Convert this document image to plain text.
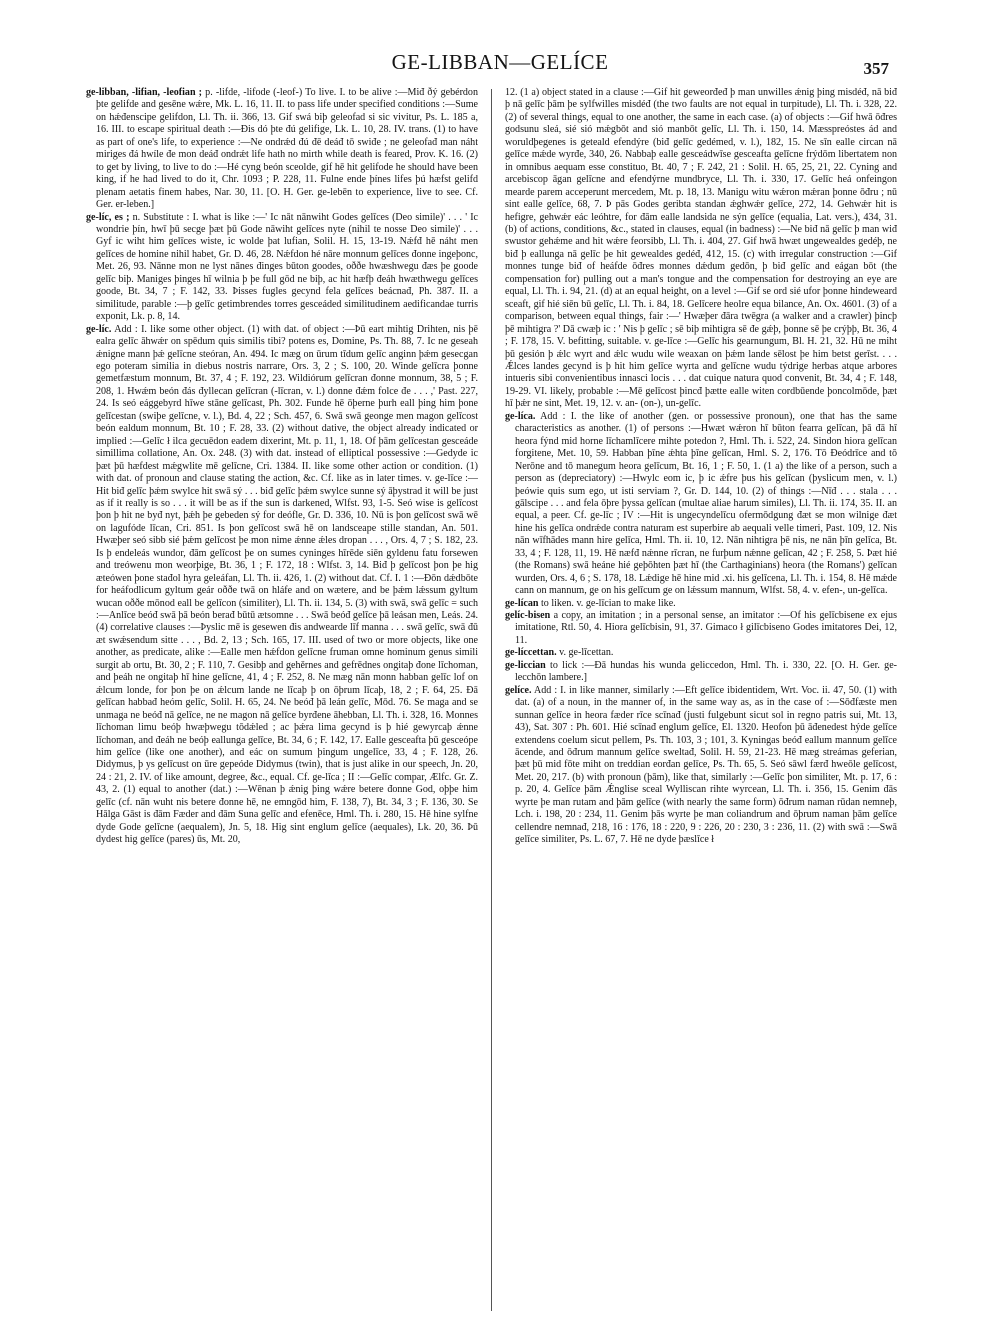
GE-LIBBAN—GELÍCE	357

ge-libban, -lifian, -leofian ; p. -lifde, -lifode (-leof-) To live. I. to be alive :—Miđ ðý gebérdon þte gelifde and gesēne wǽre, Mk. L. 16, 11. II. to pass life under specified conditions :—Sume on hǽđenscipe gelifdon, Ll. Th. ii. 366, 13. Gif swá biþ geleofad si sic vivitur, Ps. L. 185 a, 16. III. to escape spiritual death :—Đis dó þte đú gelifige, Lk. L. 10, 28. IV. trans. (1) to have as part of one's life, to experience :—Ne ondrǽd đú đē deáđ tō swiđe ; ne geleofađ man náht miriges đá hwíle đe mon deáđ ondrǽt life hath no mirth while death is feared, Prov. K. 16. (2) to get by living, to live to do :—Hé cyng beón sceolde, gif hē hit gelifode he should have been king, if he had lived to do it, Chr. 1093 ; P. 228, 11. Fulne ende þínes lifes þú hæfst gelifd plenam aetatis finem habes, Nar. 30, 11. [O. H. Ger. ge-lebēn to experience, live to see. Cf. Ger. er-leben.]

ge-líc, es ; n. Substitute : I. what is like :—' Ic nāt nānwiht Godes gelīces (Deo simile)' . . . ' Ic wondrie þín, hwī þū secge þæt þū Gode nāwiht gelīces nyte (nihil te nosse Deo simile)' . . . Gyf ic wiht him gelīces wiste, ic wolde þat lufian, Solil. H. 15, 13-19. Nǽfđ hē náht men gelīces de homine nihil habet, Gr. D. 46, 28. Nǽfdon hé nāre monnum gelīces đonne ingeþonc, Met. 26, 93. Nānne mon ne lyst nānes đinges būton goodes, oððe hwæshwegu đæs þe goode gelīc biþ. Maniges þinges hī wilnia þ þe full gōd ne biþ, ac hit hæfþ đeáh hwæthwegu gelīces goode, Bt. 34, 7 ; F. 142, 33. Þisses fugles gecynd fela gelīces beácnađ, Ph. 387. II. a similitude, parable :—þ gelīc getimbrendes torres gesceáded similitudinem aedificandae turris exponit, Lk. p. 8, 14.

ge-líc. Add : I. like some other object. (1) with dat. of object :—Þū eart mihtig Drihten, nis þē ealra gelīc āhwǽr on spēdum quis similis tibi? potens es, Domine, Ps. Th. 88, 7. Ic ne geseah ǽnigne mann þǽ gelīcne steóran, An. 494. Ic mæg on ūrum tīdum gelīc anginn þǽm gesecgan ego poteram similia in diebus nostris narrare, Ors. 3, 2 ; S. 100, 20. Winde gelīcra þonne gemetfæstum monnum, Bt. 37, 4 ; F. 192, 23. Wildiórum gelīcran đonne monnum, 38, 5 ; F. 208, 1. Hwǽm beón đás đyllecan gelīcran (-līcran, v. l.) donne đǽm folce đe . . . ,' Past. 227, 24. Is seó eággebyrd hīwe stāne gelīcast, Ph. 302. Funde hē ōþerne þurh eall þing him þone gelīcestan (swiþe gelīcne, v. l.), Bd. 4, 22 ; Sch. 457, 6. Swā swā geonge men magon gelīcost beón ealdum monnum, Bt. 10 ; F. 28, 33. (2) without dative, the object already indicated or implied :—Gelīc ł ilca gecuēdon eadem dixerint, Mt. p. 11, 1, 18. Of þām gelīcestan gesceáde simillima collatione, An. Ox. 248. (3) with dat. instead of elliptical possessive :—Gedyde ic þæt þū hæfdest mǽgwlite mē gelīcne, Cri. 1384. II. like some other action or condition. (1) with dat. of pronoun and clause stating the action, &c. Cf. like as in later times. v. ge-līce :—Hit biđ gelīc þǽm swylce hit swā sý . . . biđ gelīc þǽm swylce sunne sý āþystrad it will be just as if it really is so . . . it will be as if the sun is darkened, Wlfst. 93, 1-5. Seó wise is gelīcost þon þ hit ne byđ nyt, þǽh þe gebeden sý for deófle, Gr. D. 336, 10. Nū is þon gelīcost swā wē on lagufóde līcan, Cri. 851. Is þon gelīcost swā hē on landsceape stille standan, An. 501. Hwæþer seó sibb sié þǽm gelīcost þe mon nime ǽnne ǽles dropan . . . , Ors. 4, 7 ; S. 182, 23. Is þ endeleás wundor, đām gelīcost þe on sumes cyninges hīrēde siēn gyldenu fatu forsewen and treówenu mon weorþige, Bt. 36, 1 ; F. 172, 18 : Wlfst. 3, 14. Biđ þ gelīcost þon þe hig æteówen þone stađol hyra geleáfan, Ll. Th. ii. 426, 1. (2) without dat. Cf. I. 1 :—Đōn dǽdbōte for heáfodlicum gyltum geár oððe twā on hláfe and on wætere, and be þǽm lǽssum gyltum wucan oððe mōnod eall be gelīcon (similiter), Ll. Th. ii. 134, 5. (3) with swā, swā gelīc = such :—Anlīce beóđ swā þā beón berađ būtū ætsomne . . . Swā beóđ gelīce þā leásan men, Leás. 24. (4) correlative clauses :—Þyslic mē is gesewen đis andwearde līf manna . . . swā gelīc, swā đū æt swǽsendum sitte . . . , Bd. 2, 13 ; Sch. 165, 17. III. used of two or more objects, like one another, as predicate, alike :—Ealle men hǽfdon gelīcne fruman omne hominum genus simili surgit ab ortu, Bt. 30, 2 ; F. 110, 7. Gesibþ and gehěrnes and gefrēdnes ongitaþ đone līchoman, and þeáh ne ongitaþ hī hine gelīcne, 41, 4 ; F. 252, 8. Ne mæg nān monn habban gelīc lof on ǽlcum londe, for þon þe on ǽlcum lande ne līcaþ þ on ōþrum līcaþ, 18, 2 ; F. 64, 25. Đā gelīcan habbađ heóm gelīc, Solil. H. 65, 24. Ne beóđ þā leán gelīc, Mōd. 76. Se maga and se unmaga ne beóđ nā gelīce, ne ne magon nā gelīce byrđene āhebban, Ll. Th. i. 328, 16. Monnes līchoman limu beóþ hwæþwegu tōdǽled ; ac þǽra lima gecynd is þ hié gewyrcaþ ǽnne līchoman, and đeáh ne beóþ eallunga gelīce, Bt. 34, 6 ; F. 142, 17. Ealle gesceafta þū gesceópe him gelīce (like one another), and eác on sumum þingum ungelīce, 33, 4 ; F. 128, 26. Didymus, þ ys gelīcust on ūre gepeóde Didymus (twin), that is just alike in our speech, Jn. 20, 24 : 21, 2. IV. of like amount, degree, &c., equal. Cf. ge-līca ; II :—Gelīc compar, Ælfc. Gr. Z. 43, 2. (1) equal to another (dat.) :—Wēnan þ ǽnig þing wǽre betere đonne God, oþþe him gelīc (cf. nān wuht nis betere đonne hē, ne emngōd him, F. 138, 7), Bt. 34, 3 ; F. 136, 30. Se Hālga Gāst is đām Fæder and đām Suna gelīc and efenēce, Hml. Th. i. 280, 15. Hē hine sylfne dyde Gode gelīcne (aequalem), Jn. 5, 18. Hig sint englum gelīce (aequales), Lk. 20, 36. Þū dydest hig gelīce (pares) ūs, Mt. 20,

12. (1 a) object stated in a clause :—Gif hit geweorđeđ þ man unwilles ǽnig þing misdéđ, nā biđ þ nā gelīc þām þe sylfwilles misdéđ (the two faults are not equal in turpitude), Ll. Th. i. 328, 22. (2) of several things, equal to one another, the same in each case. (a) of objects :—Gif hwā ōđres godsunu sleá, sié sió mǽgbōt and sió manbōt gelīc, Ll. Th. i. 150, 14. Mæsspreóstes ád and woruldþegenes is geteald efendýre (biđ gelīc gedémed, v. l.), 182, 15. Ne sīn ealle circan nā gelīce mǽde wyrđe, 340, 26. Nabbaþ ealle gesceádwīse gesceafta gelīcne frýdōm libertatem non in omnibus aequam esse constituo, Bt. 40, 7 ; F. 242, 21 : Solil. H. 65, 25, 21, 22. Cyning and arcebiscop āgan gelīcne and efendýrne mundbryce, Ll. Th. i. 330, 17. Gelīc heá onfeingon mearde parem acceperunt mercedem, Mt. p. 18, 13. Manigu witu wǽron mǽran þonne ōđru ; nū sint ealle gelīce, 68, 7. Þ pās Godes geribta standan ǽghwǽr gelīce, 272, 14. Gehwǽr hit is hefigre, gehwǽr eác leóhtre, for đām ealle landsida ne sýn gelīce (equalia, Lat. vers.), 434, 31. (b) of actions, conditions, &c., stated in clauses, equal (in badness) :—Ne biđ nā gelīc þ man wiđ swustor gehǽme and hit wǽre feorsibb, Ll. Th. i. 404, 27. Gif hwā hwæt ungewealdes gedéþ, ne biđ þ eallunga nā gelīc þe hit gewealdes gedéđ, 412, 15. (c) with irregular construction :—Gif monnes tunge biđ of heáfde ōđres monnes dǽdum gedōn, þ biđ gelīc and eágan bōt (the compensation for) pulling out a man's tongue and the compensation for destroying an eye are equal, Ll. Th. i. 94, 21. (d) at an equal height, on a level :—Gif se ord sié ufor þonne hindeweard sceaft, gif hié siēn bū gelīc, Ll. Th. i. 84, 18. Gelīcere heolre equa bilance, An. Ox. 4601. (3) of a comparison, between equal things, fair :—' Hwæþer đāra twēgra (a walker and a crawler) þincþ þē mihtigra ?' Dā cwæþ ic : ' Nis þ gelīc ; sē biþ mihtigra sē đe gǽþ, þonne sē þe crýþþ, Bt. 36, 4 ; F. 178, 15. V. befitting, suitable. v. ge-līce :—Gelīc his gearnungum, Bl. H. 21, 32. Hū ne miht þū gesión þ ǽlc wyrt and ǽlc wudu wile weaxan on þǽm lande sēlost þe him betst gerīst. . . . Ǽlces landes gecynd is þ hit him gelīce wyrta and gelīcne wudu týdrige herbas atque arbores intueris sibi convenientibus innasci locis . . . dat cuique natura quod convenit, Bt. 34, 4 ; F. 148, 19-29. VI. likely, probable :—Mē gelīcost þincđ þætte ealle witen cordbūende þoncolmōde, þæt hī þǽr ne sint, Met. 19, 12. v. an- (on-), un-gelīc.

ge-líca. Add : I. the like of another (gen. or possessive pronoun), one that has the same characteristics as another. (1) of persons :—Hwæt wǽron hī būton fearra gelīcan, þā đā hī heora fýnd mid horne līchamlīcere mihte potedon ?, Hml. Th. i. 522, 24. Sindon hiora gelīcan forgitene, Met. 10, 59. Habban þīne ǽhta þīne gelīcan, Hml. S. 2, 176. Tō Đeódrīce and tō Nerōne and tō manegum heora gelīcum, Bt. 16, 1 ; F. 50, 1. (1 a) the like of a person, such a person as (depreciatory) :—Hwylc eom ic, þ ic ǽfre þus his gelīcan (þyslicum men, v. l.) þeówie quis sum ego, ut isti serviam ?, Gr. D. 144, 10. (2) of things :—Nīđ . . . stala . . . gālscipe . . . and fela ōþre þyssa gelīcan (multae aliae harum similes), Ll. Th. ii. 174, 35. II. an equal, a peer. Cf. ge-līc ; IV :—Hit is ungecyndelīcu ofermōdgung đæt se mon wilnige đæt hine his gelīca ondrǽde contra naturam est superbire ab aequali velle timeri, Past. 109, 12. Nis nān wīfhādes mann hire gelīca, Hml. Th. ii. 10, 12. Nān nihtigra þē nis, ne nān þīn gelīca, Bt. 33, 4 ; F. 128, 11, 19. Hē næfđ nǽnne rīcran, ne furþum nǽnne gelīcan, 42 ; F. 258, 5. Þæt hié (the Romans) swā heáne hié geþōhten þæt hī (the Carthaginians) heora (the Romans') gelīcan wurden, Ors. 4, 6 ; S. 178, 18. Lǽdige hē hine mid .xi. his gelīcena, Ll. Th. i. 154, 8. Hē mǽde cann on mannum, ge on his gelīcum ge on lǽssum mannum, Wlfst. 58, 4. v. efen-, un-gelīca.

ge-lícan to liken. v. ge-līcian to make like.

gelíc-bisen a copy, an imitation ; in a personal sense, an imitator :—Of his gelīcbisene ex ejus imitatione, Rtl. 50, 4. Hiora gelīcbisin, 91, 37. Gimaco ł gilīcbiseno Godes imitatores Dei, 12, 11.

ge-líccettan. v. ge-līcettan.

ge-liccian to lick :—Đā hundas his wunda geliccedon, Hml. Th. i. 330, 22. [O. H. Ger. ge-lecchōn lambere.]

gelíce. Add : I. in like manner, similarly :—Eft gelīce ibidentidem, Wrt. Voc. ii. 47, 50. (1) with dat. (a) of a noun, in the manner of, in the same way as, as in the case of :—Sōđfæste men sunnan gelīce in heora fæder rīce scīnađ (justi fulgebunt sicut sol in regno patris sui, Mt. 13, 43), Sat. 307 : Ph. 601. Hié scīnađ englum gelīce, El. 1320. Heofon þū āđenedest hýde gelīce extendens coelum sicut pellem, Ps. Th. 103, 3 ; 101, 3. Kyningas beóđ eallum mannum gelīce ācende, and ōđrum mannum gelīce sweltađ, Solil. H. 59, 21-23. Hē mæg streámas geferian, þæt þū mid fōte miht on treddian eorđan gelīce, Ps. Th. 65, 5. Seó sāwl færđ hweōle gelīcost, Met. 20, 217. (b) with pronoun (þām), like that, similarly :—Gelīc þon similiter, Mt. p. 17, 6 : p. 20, 4. Gelīce þām Ǽnglise sceal Wylliscan rihte wyrcean, Ll. Th. i. 356, 15. Genim đās wyrte þe man rutam and þām gelīce (with nearly the same form) ōđrum naman rūdan nemneþ, Lch. i. 198, 20 : 234, 11. Genim þās wyrte þe man coliandrum and ōþrum naman þām gelīce cellendre nemnađ, 218, 16 : 176, 18 : 220, 9 : 226, 20 : 230, 3 : 236, 11. (2) with swā :—Swā gelīce similiter, Ps. L. 67, 7. Hē ne dyde þæslīce ł
